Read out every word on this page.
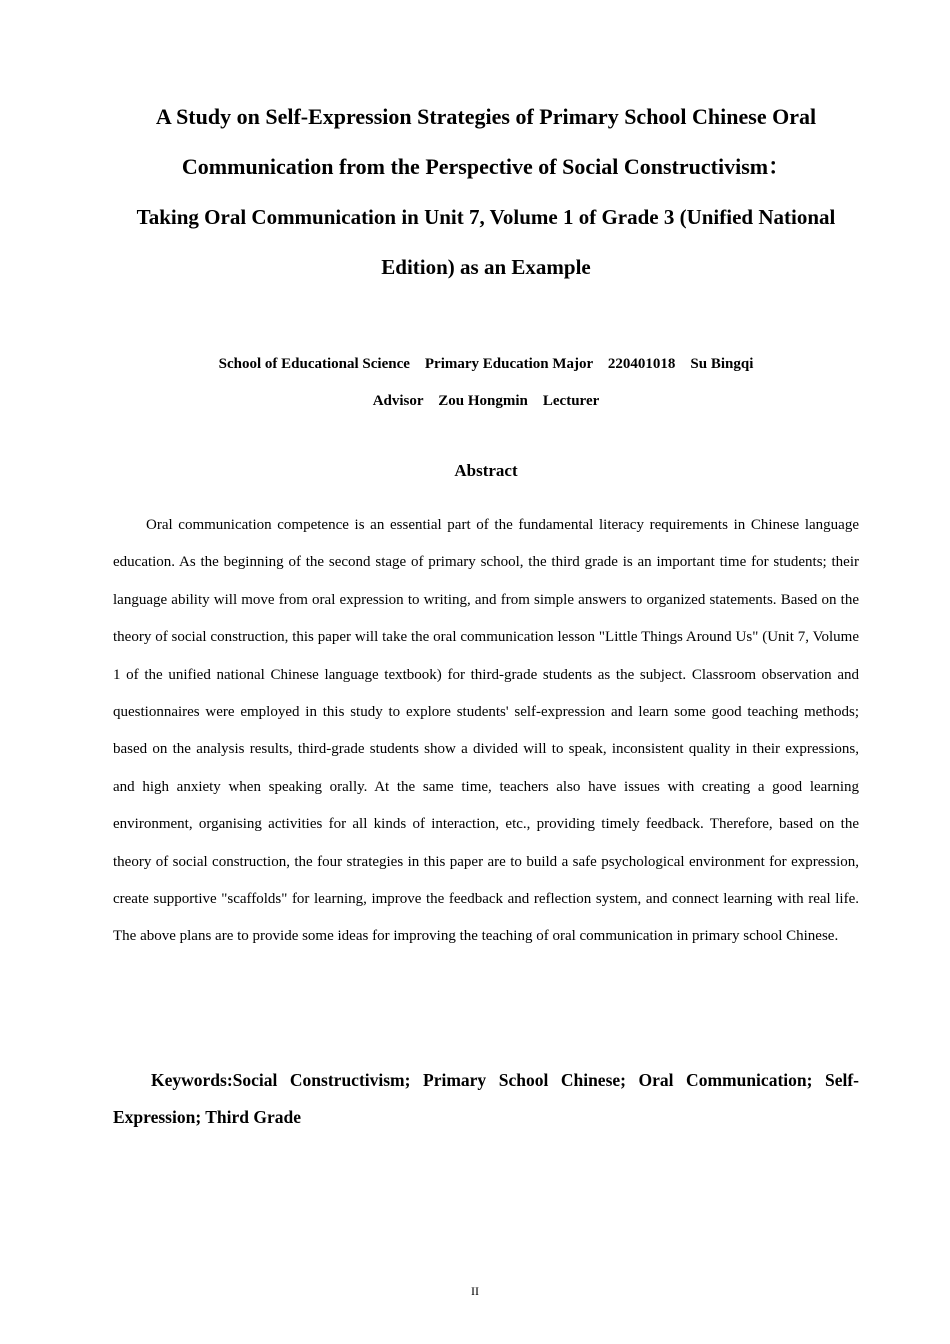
A Study on Self-Expression Strategies of Primary School Chinese Oral
Communication from the Perspective of Social Constructivism：
Taking Oral Communication in Unit 7, Volume 1 of Grade 3 (Unified National
Edition) as an Example
School of Educational Science    Primary Education Major    220401018    Su Bingqi
Advisor    Zou Hongmin    Lecturer
Abstract

Oral communication competence is an essential part of the fundamental literacy requirements in Chinese language education. As the beginning of the second stage of primary school, the third grade is an important time for students; their language ability will move from oral expression to writing, and from simple answers to organized statements. Based on the theory of social construction, this paper will take the oral communication lesson "Little Things Around Us" (Unit 7, Volume 1 of the unified national Chinese language textbook) for third-grade students as the subject. Classroom observation and questionnaires were employed in this study to explore students' self-expression and learn some good teaching methods; based on the analysis results, third-grade students show a divided will to speak, inconsistent quality in their expressions, and high anxiety when speaking orally. At the same time, teachers also have issues with creating a good learning environment, organising activities for all kinds of interaction, etc., providing timely feedback. Therefore, based on the theory of social construction, the four strategies in this paper are to build a safe psychological environment for expression, create supportive "scaffolds" for learning, improve the feedback and reflection system, and connect learning with real life. The above plans are to provide some ideas for improving the teaching of oral communication in primary school Chinese.

Keywords:Social Constructivism; Primary School Chinese; Oral Communication; Self-Expression; Third Grade

II
